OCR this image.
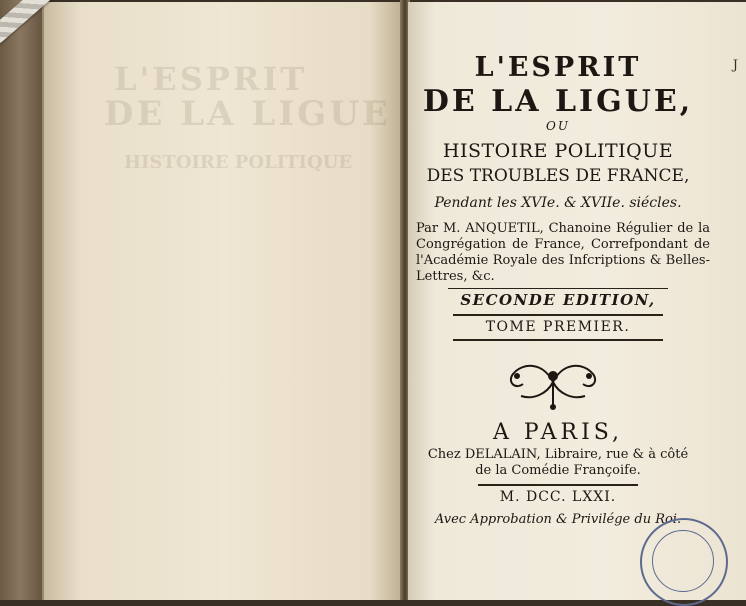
L'ESPRIT
DE LA LIGUE
HISTOIRE POLITIQUE
J
L'ESPRIT
DE LA LIGUE,
OU
HISTOIRE POLITIQUE
DES TROUBLES DE FRANCE,
Pendant les XVIe. & XVIIe. siécles.
Par M. ANQUETIL, Chanoine Régulier de la Congrégation de France, Correfpondant de l'Académie Royale des Infcriptions & Belles-Lettres, &c.
SECONDE EDITION,
TOME PREMIER.
A PARIS,
Chez DELALAIN, Libraire, rue & à côté
de la Comédie Françoife.
M. DCC. LXXI.
Avec Approbation & Privilége du Roi.
